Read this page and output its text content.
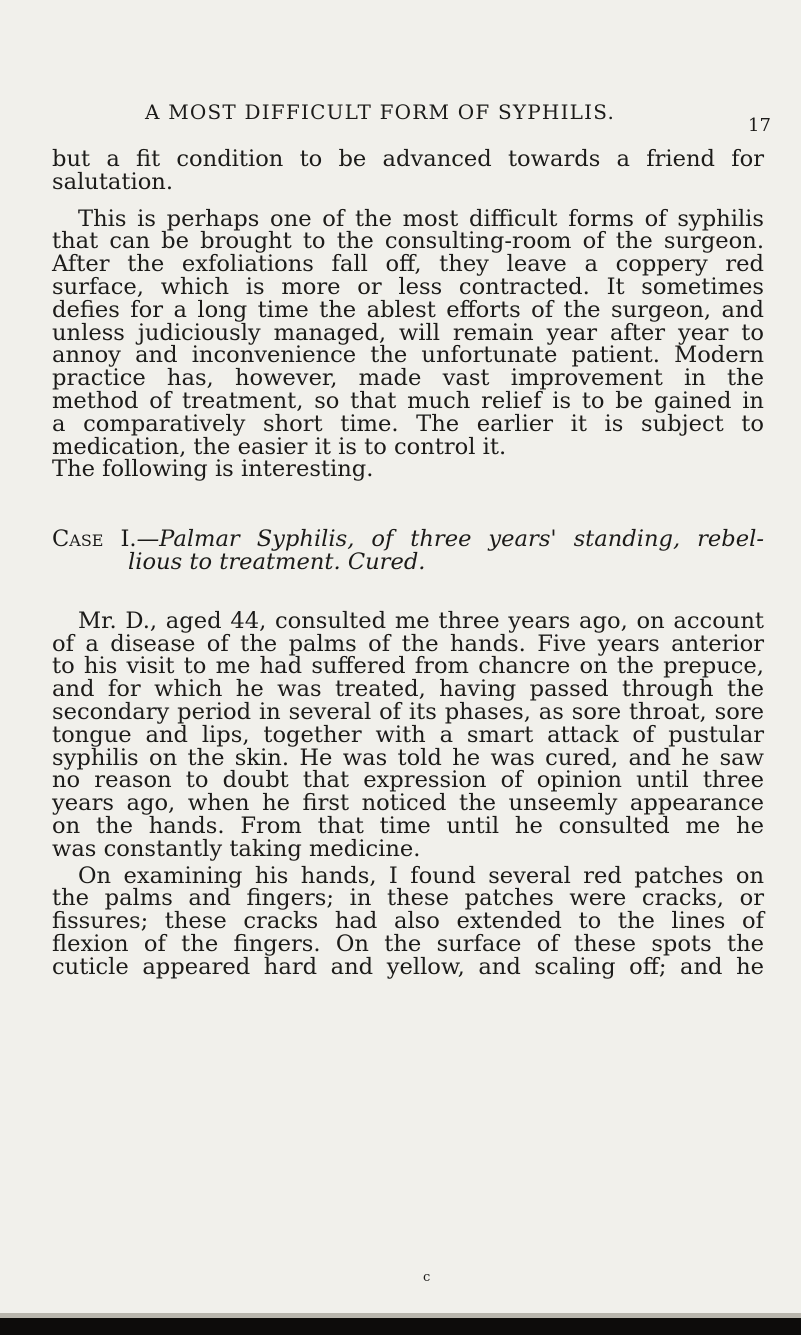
A MOST DIFFICULT FORM OF SYPHILIS.
17
but a fit condition to be advanced towards a friend for
salutation.
This is perhaps one of the most difficult forms of syphilis
that can be brought to the consulting-room of the surgeon.
After the exfoliations fall off, they leave a coppery red
surface, which is more or less contracted. It sometimes
defies for a long time the ablest efforts of the surgeon, and
unless judiciously managed, will remain year after year to
annoy and inconvenience the unfortunate patient. Modern
practice has, however, made vast improvement in the
method of treatment, so that much relief is to be gained in
a comparatively short time. The earlier it is subject to
medication, the easier it is to control it.
The following is interesting.
Case I.—Palmar Syphilis, of three years' standing, rebel-
lious to treatment. Cured.
Mr. D., aged 44, consulted me three years ago, on account
of a disease of the palms of the hands. Five years anterior
to his visit to me had suffered from chancre on the prepuce,
and for which he was treated, having passed through the
secondary period in several of its phases, as sore throat, sore
tongue and lips, together with a smart attack of pustular
syphilis on the skin. He was told he was cured, and he saw
no reason to doubt that expression of opinion until three
years ago, when he first noticed the unseemly appearance
on the hands. From that time until he consulted me he
was constantly taking medicine.
On examining his hands, I found several red patches on
the palms and fingers; in these patches were cracks, or
fissures; these cracks had also extended to the lines of
flexion of the fingers. On the surface of these spots the
cuticle appeared hard and yellow, and scaling off; and he
c
